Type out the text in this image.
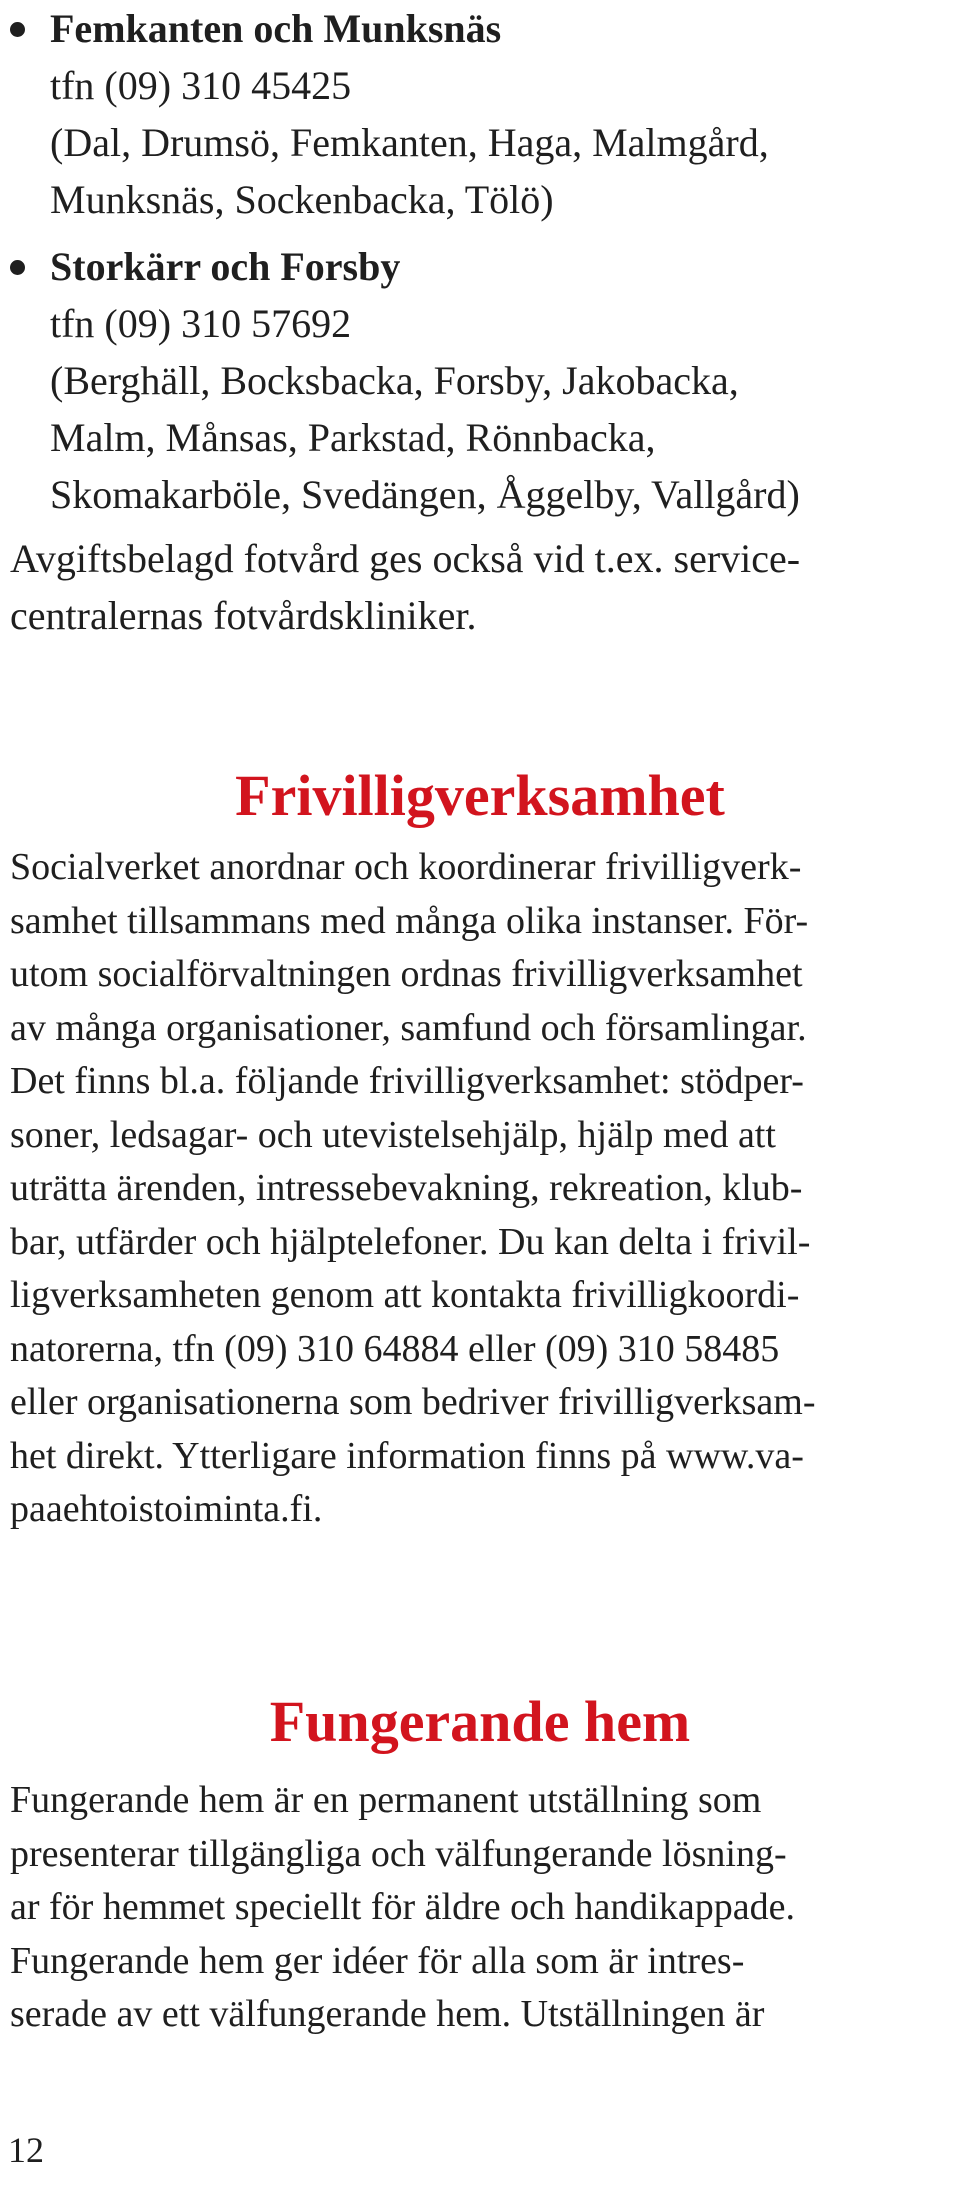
Femkanten och Munksnäs
tfn (09) 310 45425
(Dal, Drumsö, Femkanten, Haga, Malmgård,
Munksnäs, Sockenbacka, Tölö)
Storkärr och Forsby
tfn (09) 310 57692
(Berghäll, Bocksbacka, Forsby, Jakobacka,
Malm, Månsas, Parkstad, Rönnbacka,
Skomakarböle, Svedängen, Åggelby, Vallgård)

Avgiftsbelagd fotvård ges också vid t.ex. service-
centralernas fotvårdskliniker.

Frivilligverksamhet

Socialverket anordnar och koordinerar frivilligverk-
samhet tillsammans med många olika instanser. För-
utom socialförvaltningen ordnas frivilligverksamhet
av många organisationer, samfund och församlingar.
Det finns bl.a. följande frivilligverksamhet: stödper-
soner, ledsagar- och utevistelsehjälp, hjälp med att
uträtta ärenden, intressebevakning, rekreation, klub-
bar, utfärder och hjälptelefoner. Du kan delta i frivil-
ligverksamheten genom att kontakta frivilligkoordi-
natorerna, tfn (09) 310 64884 eller (09) 310 58485
eller organisationerna som bedriver frivilligverksam-
het direkt. Ytterligare information finns på www.va-
paaehtoistoiminta.fi.

Fungerande hem

Fungerande hem är en permanent utställning som
presenterar tillgängliga och välfungerande lösning-
ar för hemmet speciellt för äldre och handikappade.
Fungerande hem ger idéer för alla som är intres-
serade av ett välfungerande hem. Utställningen är

12
